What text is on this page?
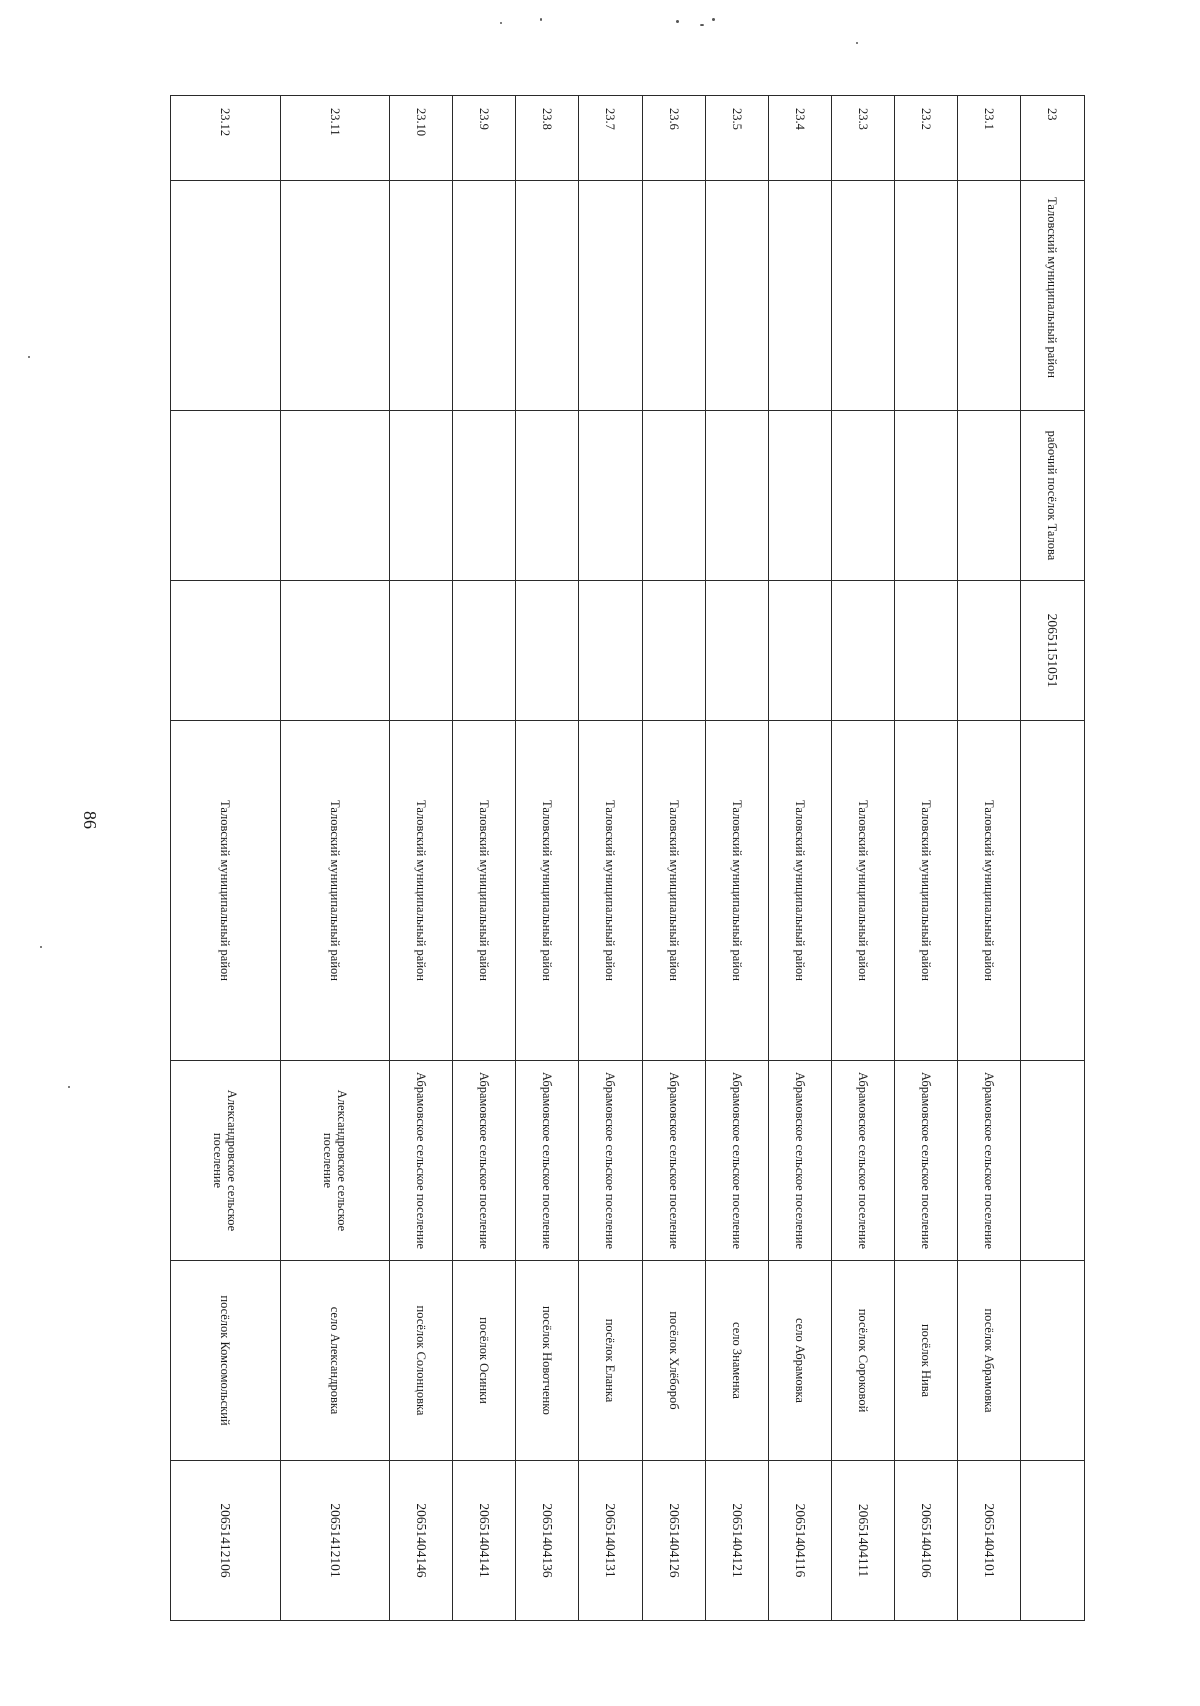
86
23	Таловский муниципальный район	рабочий посёлок Талова	20651151051				
23.1				Таловский муниципальный район	Абрамовское сельское поселение	посёлок Абрамовка	20651404101
23.2				Таловский муниципальный район	Абрамовское сельское поселение	посёлок Нива	20651404106
23.3				Таловский муниципальный район	Абрамовское сельское поселение	посёлок Сороковой	20651404111
23.4				Таловский муниципальный район	Абрамовское сельское поселение	село Абрамовка	20651404116
23.5				Таловский муниципальный район	Абрамовское сельское поселение	село Знаменка	20651404121
23.6				Таловский муниципальный район	Абрамовское сельское поселение	посёлок Хлёбороб	20651404126
23.7				Таловский муниципальный район	Абрамовское сельское поселение	посёлок Еланка	20651404131
23.8				Таловский муниципальный район	Абрамовское сельское поселение	посёлок Новотченко	20651404136
23.9				Таловский муниципальный район	Абрамовское сельское поселение	посёлок Осинки	20651404141
23.10				Таловский муниципальный район	Абрамовское сельское поселение	посёлок Солонцовка	20651404146
23.11				Таловский муниципальный район	Александровское сельское поселение	село Александровка	20651412101
23.12				Таловский муниципальный район	Александровское сельское поселение	посёлок Комсомольский	20651412106
